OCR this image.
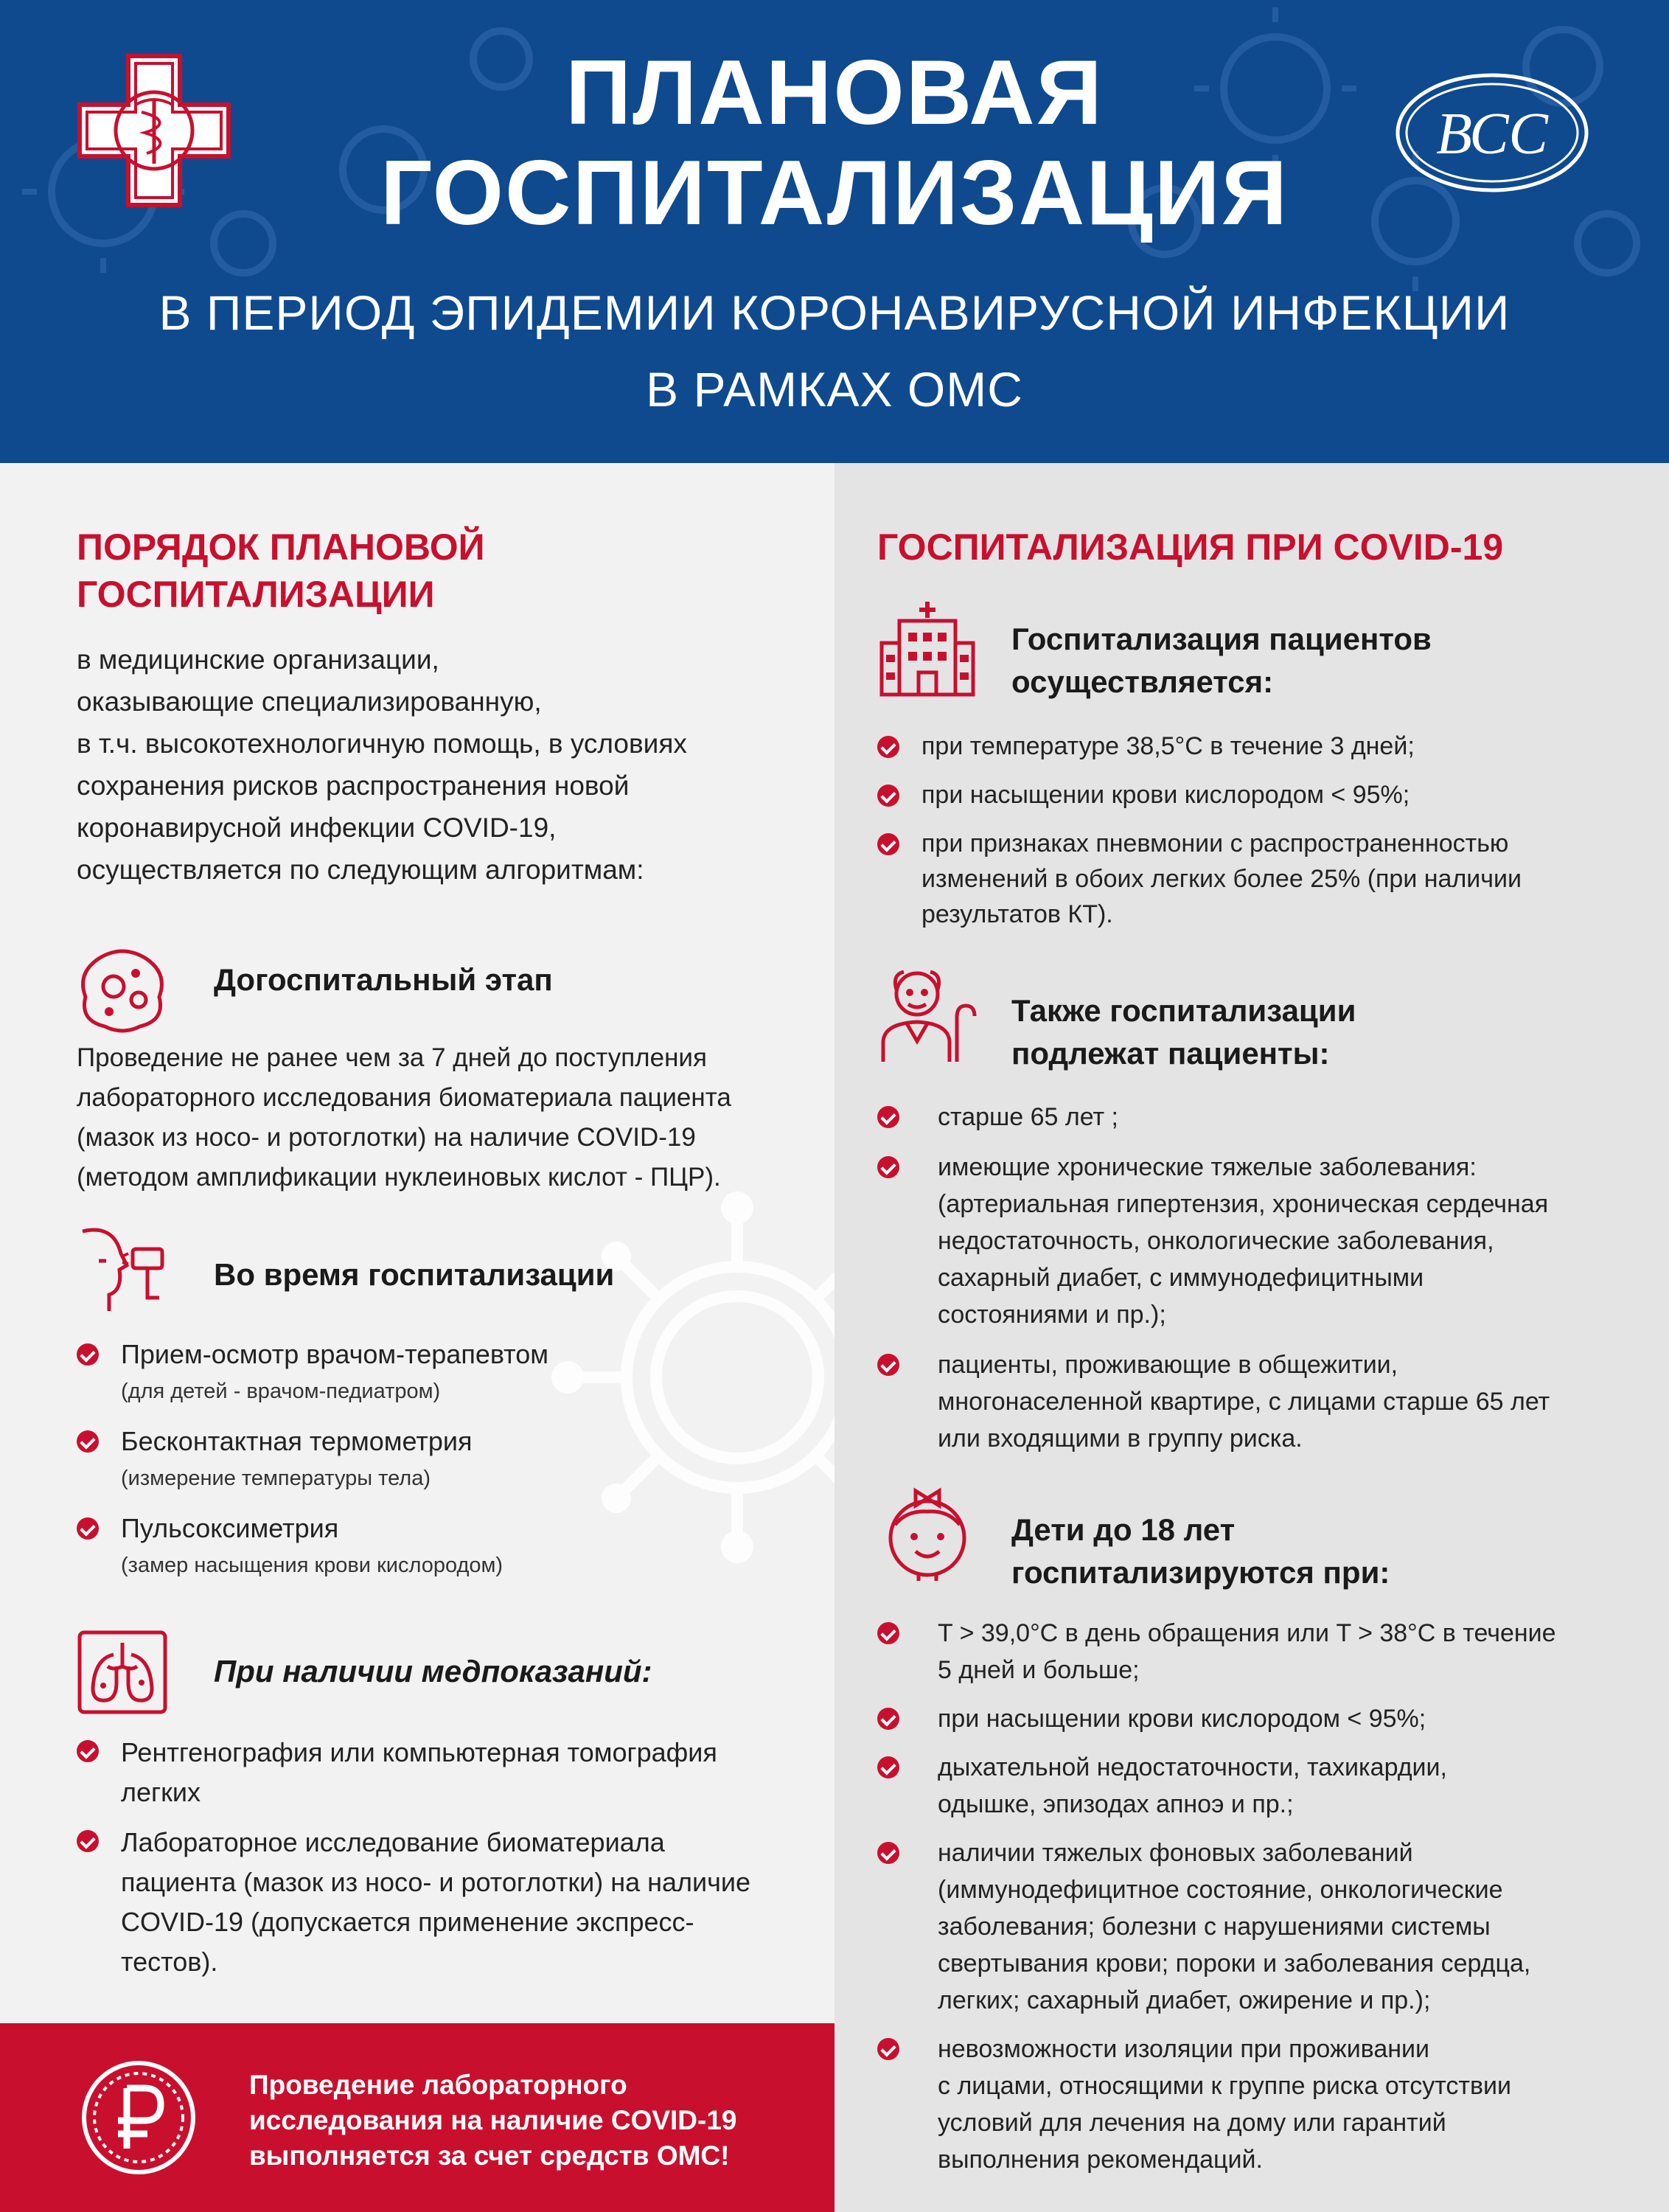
ПЛАНОВАЯ
ГОСПИТАЛИЗАЦИЯ
В ПЕРИОД ЭПИДЕМИИ КОРОНАВИРУСНОЙ ИНФЕКЦИИ
В РАМКАХ ОМС
ВСС
ПОРЯДОК ПЛАНОВОЙ
ГОСПИТАЛИЗАЦИИ
в медицинские организации,
оказывающие специализированную,
в т.ч. высокотехнологичную помощь, в условиях
сохранения рисков распространения новой
коронавирусной инфекции COVID-19,
осуществляется по следующим алгоритмам:
Догоспитальный этап
Проведение не ранее чем за 7 дней до поступления
лабораторного исследования биоматериала пациента
(мазок из носо- и ротоглотки) на наличие COVID-19
(методом амплификации нуклеиновых кислот - ПЦР).
Во время госпитализации
Прием-осмотр врачом-терапевтом
(для детей - врачом-педиатром)
Бесконтактная термометрия
(измерение температуры тела)
Пульсоксиметрия
(замер насыщения крови кислородом)
При наличии медпоказаний:
Рентгенография или компьютерная томография
легких
Лабораторное исследование биоматериала
пациента (мазок из носо- и ротоглотки) на наличие
COVID-19 (допускается применение экспресс-
тестов).
Проведение лабораторного
исследования на наличие COVID-19
выполняется за счет средств ОМС!
ГОСПИТАЛИЗАЦИЯ ПРИ COVID-19
Госпитализация пациентов
осуществляется:
при температуре 38,5°С в течение 3 дней;
при насыщении крови кислородом < 95%;
при признаках пневмонии с распространенностью
изменений в обоих легких более 25% (при наличии
результатов КТ).
Также госпитализации
подлежат пациенты:
старше 65 лет ;
имеющие хронические тяжелые заболевания:
(артериальная гипертензия, хроническая сердечная
недостаточность, онкологические заболевания,
сахарный диабет, с иммунодефицитными
состояниями и пр.);
пациенты, проживающие в общежитии,
многонаселенной квартире, с лицами старше 65 лет
или входящими в группу риска.
Дети до 18 лет
госпитализируются при:
T > 39,0°С в день обращения или T > 38°С в течение
5 дней и больше;
при насыщении крови кислородом < 95%;
дыхательной недостаточности, тахикардии,
одышке, эпизодах апноэ и пр.;
наличии тяжелых фоновых заболеваний
(иммунодефицитное состояние, онкологические
заболевания; болезни с нарушениями системы
свертывания крови; пороки и заболевания сердца,
легких; сахарный диабет, ожирение и пр.);
невозможности изоляции при проживании
с лицами, относящими к группе риска отсутствии
условий для лечения на дому или гарантий
выполнения рекомендаций.
